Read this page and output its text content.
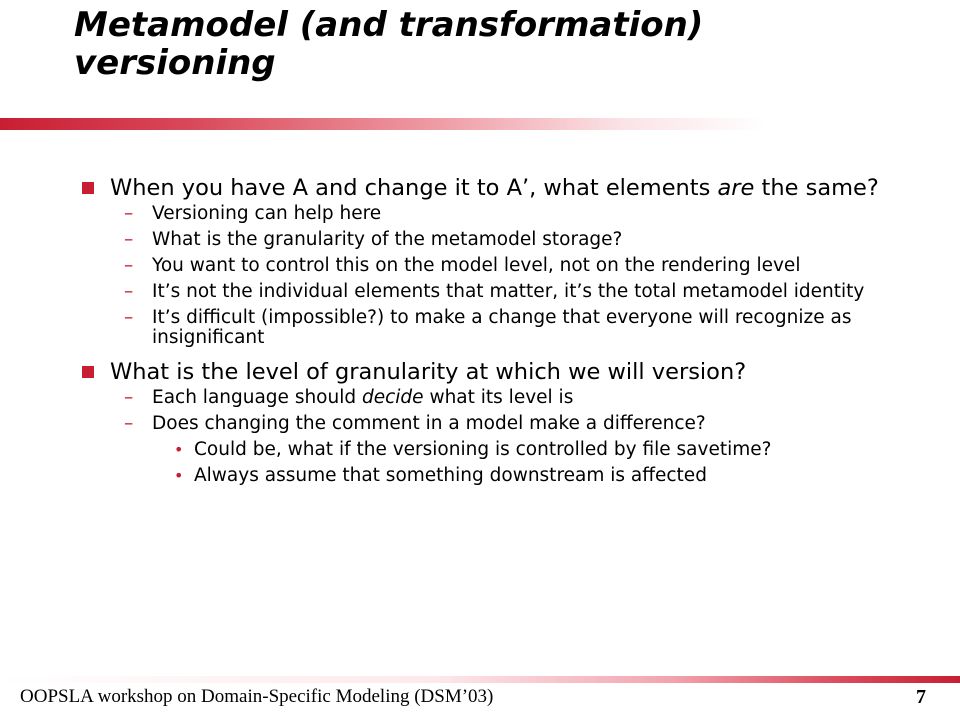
Metamodel (and transformation)
versioning
When you have A and change it to A’, what elements are the same?
– Versioning can help here
– What is the granularity of the metamodel storage?
– You want to control this on the model level, not on the rendering level
– It’s not the individual elements that matter, it’s the total metamodel identity
– It’s difficult (impossible?) to make a change that everyone will recognize as insignificant
What is the level of granularity at which we will version?
– Each language should decide what its level is
– Does changing the comment in a model make a difference?
• Could be, what if the versioning is controlled by file savetime?
• Always assume that something downstream is affected
OOPSLA workshop on Domain-Specific Modeling (DSM’03)	7
